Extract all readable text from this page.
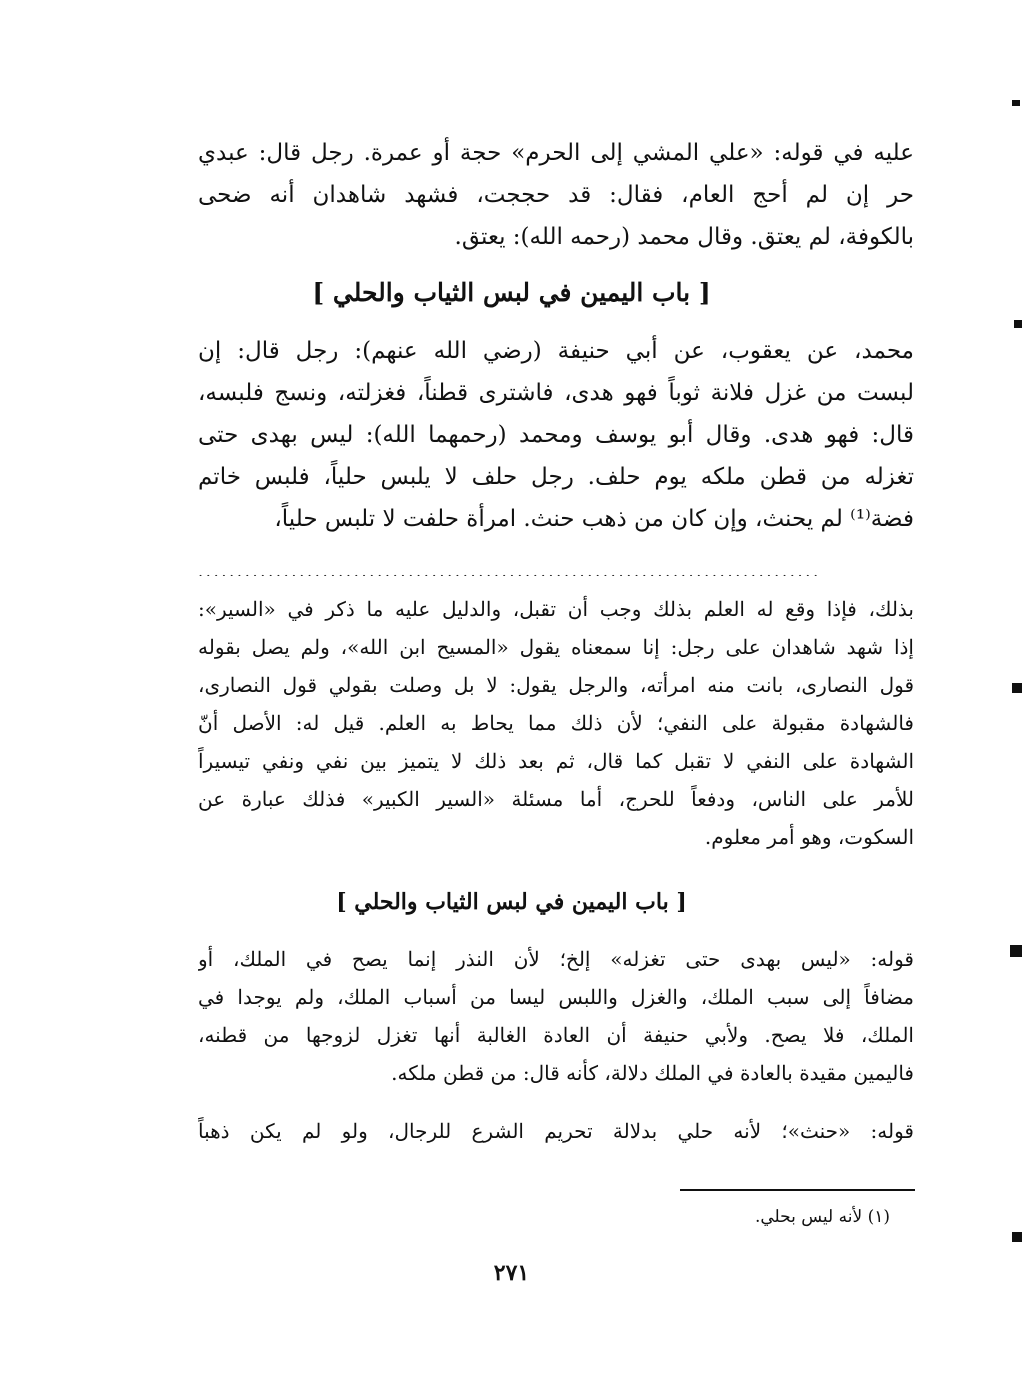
عليه في قوله: «علي المشي إلى الحرم» حجة أو عمرة. رجل قال: عبدي
حر إن لم أحج العام، فقال: قد حججت، فشهد شاهدان أنه ضحى
بالكوفة، لم يعتق. وقال محمد (رحمه الله): يعتق.
[ باب اليمين في لبس الثياب والحلي ]
محمد، عن يعقوب، عن أبي حنيفة (رضي الله عنهم): رجل قال: إن
لبست من غزل فلانة ثوباً فهو هدى، فاشترى قطناً، فغزلته، ونسج فلبسه،
قال: فهو هدى. وقال أبو يوسف ومحمد (رحمهما الله): ليس بهدى حتى
تغزله من قطن ملكه يوم حلف. رجل حلف لا يلبس حلياً، فلبس خاتم
فضة⁽¹⁾ لم يحنث، وإن كان من ذهب حنث. امرأة حلفت لا تلبس حلياً،
................................................................................
بذلك، فإذا وقع له العلم بذلك وجب أن تقبل، والدليل عليه ما ذكر في «السير»:
إذا شهد شاهدان على رجل: إنا سمعناه يقول «المسيح ابن الله»، ولم يصل بقوله
قول النصارى، بانت منه امرأته، والرجل يقول: لا بل وصلت بقولي قول النصارى،
فالشهادة مقبولة على النفي؛ لأن ذلك مما يحاط به العلم. قيل له: الأصل أنّ
الشهادة على النفي لا تقبل كما قال، ثم بعد ذلك لا يتميز بين نفي ونفي تيسيراً
للأمر على الناس، ودفعاً للحرج، أما مسئلة «السير الكبير» فذلك عبارة عن
السكوت، وهو أمر معلوم.
[ باب اليمين في لبس الثياب والحلي ]
قوله: «ليس بهدى حتى تغزله» إلخ؛ لأن النذر إنما يصح في الملك، أو
مضافاً إلى سبب الملك، والغزل واللبس ليسا من أسباب الملك، ولم يوجدا في
الملك، فلا يصح. ولأبي حنيفة أن العادة الغالبة أنها تغزل لزوجها من قطنه،
فاليمين مقيدة بالعادة في الملك دلالة، كأنه قال: من قطن ملكه.
قوله: «حنث»؛ لأنه حلي بدلالة تحريم الشرع للرجال، ولو لم يكن ذهباً
(١) لأنه ليس بحلي.
٢٧١
